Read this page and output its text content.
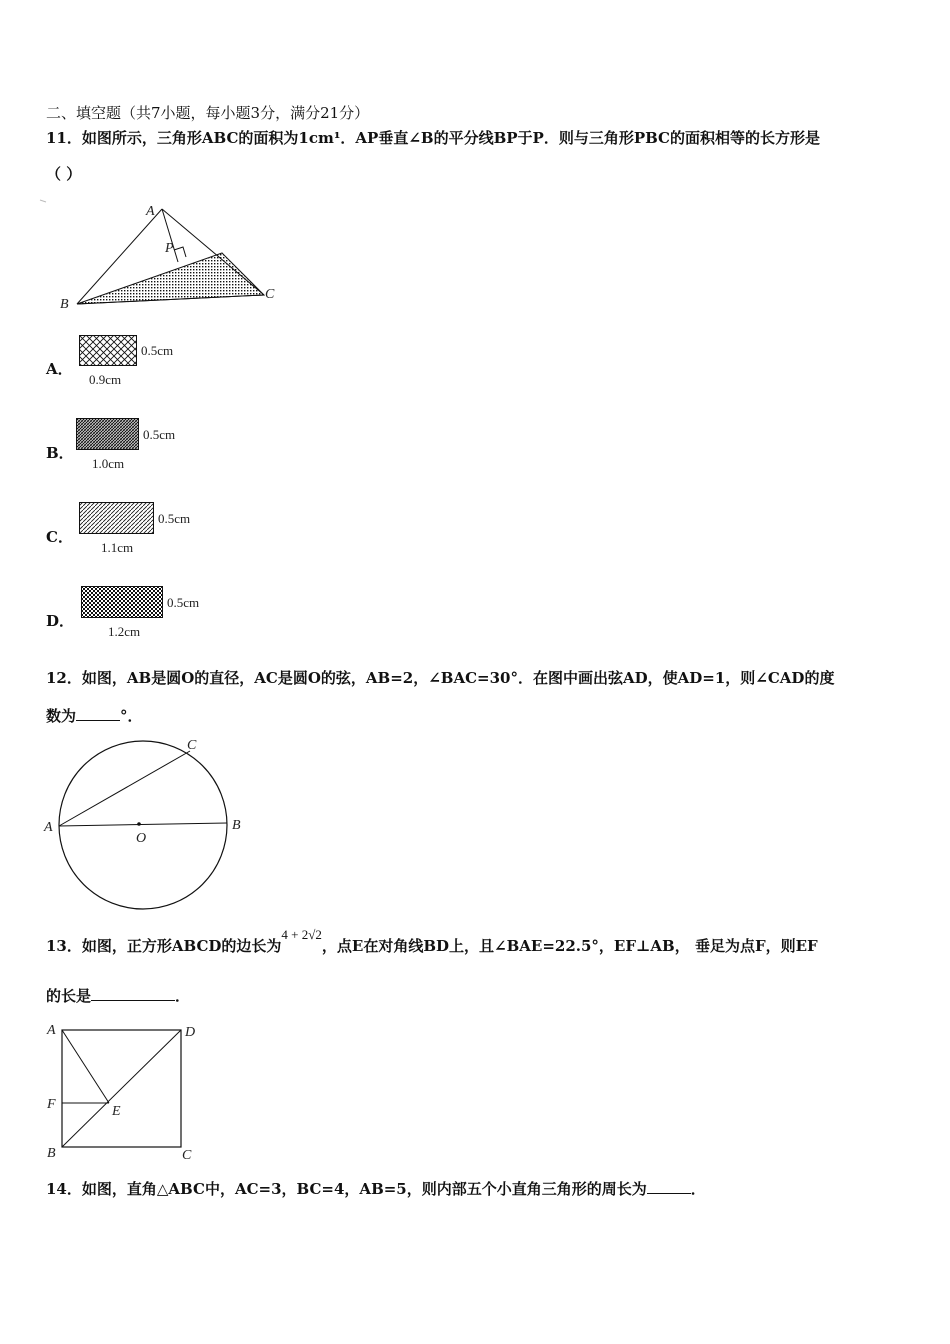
二、填空题（共7小题，每小题3分，满分21分）
11．如图所示，三角形ABC的面积为1cm¹．AP垂直∠B的平分线BP于P．则与三角形PBC的面积相等的长方形是
（ ）
A
B
C
P
A．
0.5cm
0.9cm
B．
0.5cm
1.0cm
C．
0.5cm
1.1cm
D．
0.5cm
1.2cm
12．如图，AB是圆O的直径，AC是圆O的弦，AB=2，∠BAC=30°．在图中画出弦AD，使AD=1，则∠CAD的度
数为	°．
A	B
C
O
13．如图，正方形ABCD的边长为4 + 2√2，点E在对角线BD上，且∠BAE=22.5°，EF⊥AB， 垂足为点F，则EF
的长是	．
A	D
F	E
B	C
14．如图，直角△ABC中，AC=3，BC=4，AB=5，则内部五个小直角三角形的周长为	．
